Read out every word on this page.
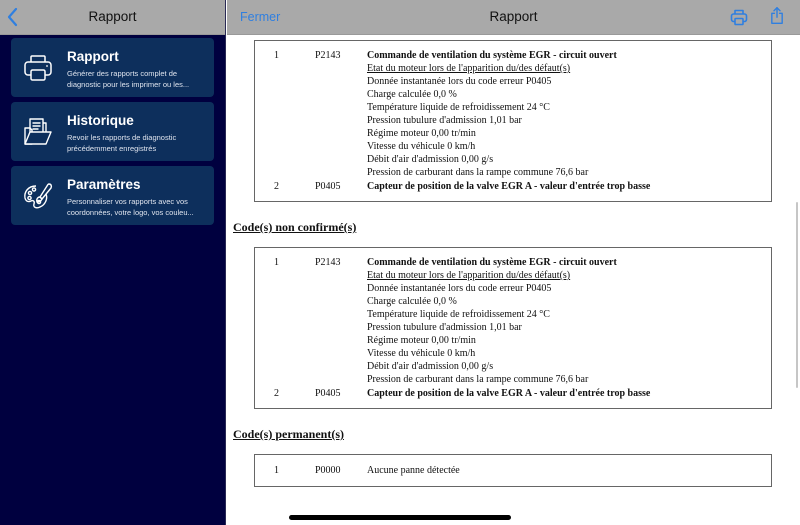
Rapport
Rapport
Générer des rapports complet de
diagnostic pour les imprimer ou les...
Historique
Revoir les rapports de diagnostic
précédemment enregistrés
Paramètres
Personnaliser vos rapports avec vos
coordonnées, votre logo, vos couleu...
Fermer	Rapport
1	P2143	Commande de ventilation du système EGR - circuit ouvert
Etat du moteur lors de l'apparition du/des défaut(s)
Donnée instantanée lors du code erreur P0405
Charge calculée 0,0 %
Température liquide de refroidissement 24 °C
Pression tubulure d'admission 1,01 bar
Régime moteur 0,00 tr/min
Vitesse du véhicule 0 km/h
Débit d'air d'admission 0,00 g/s
Pression de carburant dans la rampe commune 76,6 bar
2	P0405	Capteur de position de la valve EGR A - valeur d'entrée trop basse
Code(s) non confirmé(s)
1	P2143	Commande de ventilation du système EGR - circuit ouvert
Etat du moteur lors de l'apparition du/des défaut(s)
Donnée instantanée lors du code erreur P0405
Charge calculée 0,0 %
Température liquide de refroidissement 24 °C
Pression tubulure d'admission 1,01 bar
Régime moteur 0,00 tr/min
Vitesse du véhicule 0 km/h
Débit d'air d'admission 0,00 g/s
Pression de carburant dans la rampe commune 76,6 bar
2	P0405	Capteur de position de la valve EGR A - valeur d'entrée trop basse
Code(s) permanent(s)
1	P0000	Aucune panne détectée
